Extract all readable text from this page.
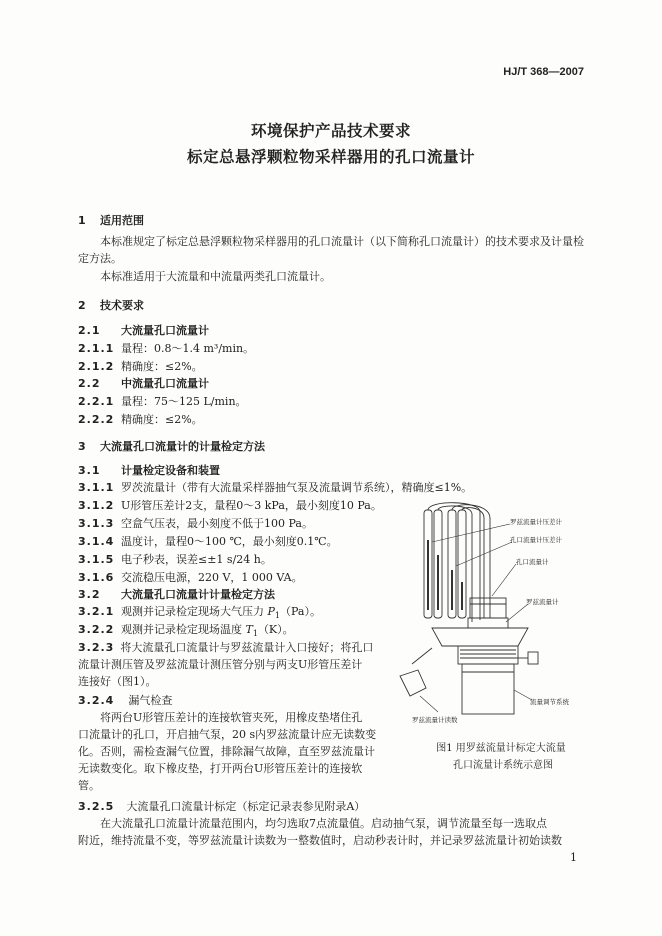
HJ/T 368—2007
环境保护产品技术要求
标定总悬浮颗粒物采样器用的孔口流量计
1 适用范围
本标准规定了标定总悬浮颗粒物采样器用的孔口流量计（以下简称孔口流量计）的技术要求及计量检定方法。
本标准适用于大流量和中流量两类孔口流量计。
2 技术要求
2.1 大流量孔口流量计
2.1.1 量程：0.8～1.4 m³/min。
2.1.2 精确度：≤2%。
2.2 中流量孔口流量计
2.2.1 量程：75～125 L/min。
2.2.2 精确度：≤2%。
3 大流量孔口流量计的计量检定方法
3.1 计量检定设备和装置
3.1.1 罗茨流量计（带有大流量采样器抽气泵及流量调节系统），精确度≤1%。
3.1.2 U形管压差计2支，量程0～3 kPa，最小刻度10 Pa。
3.1.3 空盒气压表，最小刻度不低于100 Pa。
3.1.4 温度计，量程0～100 ℃，最小刻度0.1℃。
3.1.5 电子秒表，误差≤±1 s/24 h。
3.1.6 交流稳压电源，220 V，1 000 VA。
3.2 大流量孔口流量计计量检定方法
3.2.1 观测并记录检定现场大气压力 $P_1(Pa)$。
3.2.2 观测并记录检定现场温度 $T_1(K)$。
3.2.3 将大流量孔口流量计与罗兹流量计入口接好；将孔口
流量计测压管及罗兹流量计测压管分别与两支U形管压差计
连接好（图1）。
3.2.4 漏气检查
将两台U形管压差计的连接软管夹死，用橡皮垫堵住孔
口流量计的孔口，开启抽气泵，20 s内罗兹流量计应无读数变
化。否则，需检查漏气位置，排除漏气故障，直至罗兹流量计
无读数变化。取下橡皮垫，打开两台U形管压差计的连接软
管。
3.2.5 大流量孔口流量计标定（标定记录表参见附录A）
在大流量孔口流量计流量范围内，均匀选取7点流量值。启动抽气泵，调节流量至每一选取点
附近，维持流量不变，等罗兹流量计读数为一整数值时，启动秒表计时，并记录罗兹流量计初始读数
罗兹流量计压差计
孔口流量计压差计
孔口流量计
罗兹流量计
流量调节系统
罗兹流量计读数
图1 用罗兹流量计标定大流量
孔口流量计系统示意图
1
